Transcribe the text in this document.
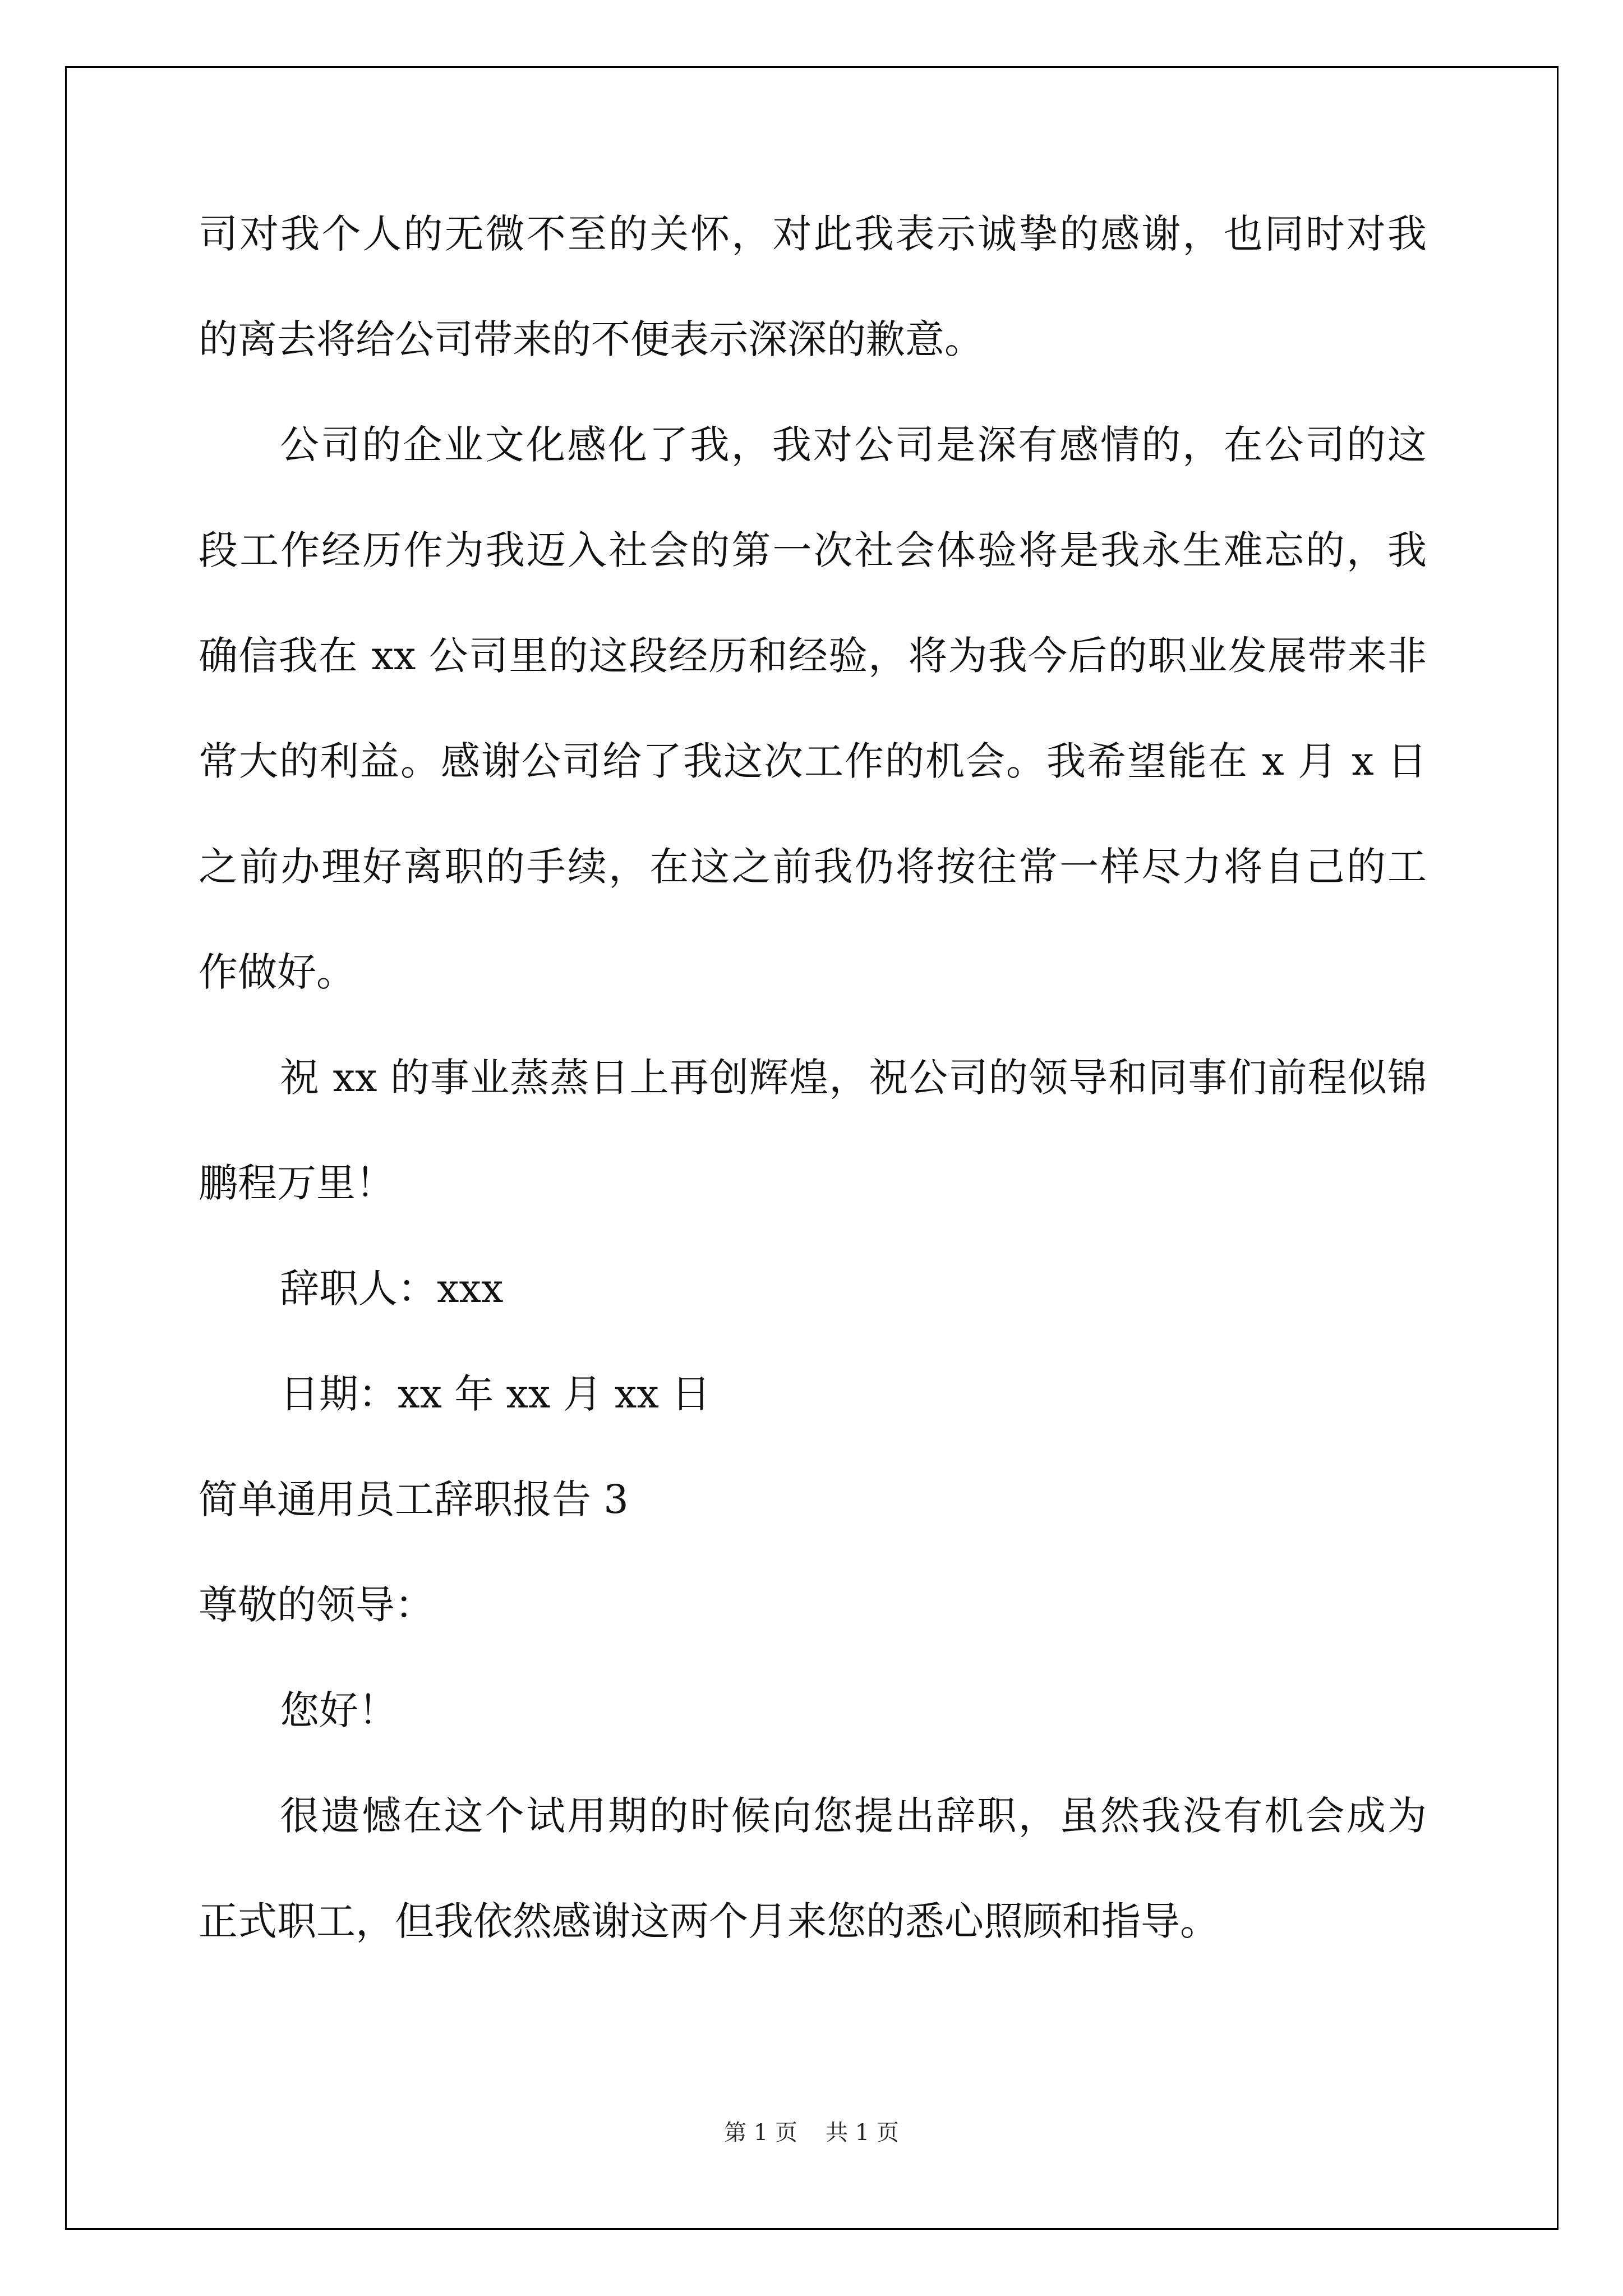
司对我个人的无微不至的关怀，对此我表示诚挚的感谢，也同时对我
的离去将给公司带来的不便表示深深的歉意。
公司的企业文化感化了我，我对公司是深有感情的，在公司的这
段工作经历作为我迈入社会的第一次社会体验将是我永生难忘的，我
确信我在 xx 公司里的这段经历和经验，将为我今后的职业发展带来非
常大的利益。感谢公司给了我这次工作的机会。我希望能在 x 月 x 日
之前办理好离职的手续，在这之前我仍将按往常一样尽力将自己的工
作做好。
祝 xx 的事业蒸蒸日上再创辉煌，祝公司的领导和同事们前程似锦
鹏程万里！
辞职人：xxx
日期：xx 年 xx 月 xx 日
简单通用员工辞职报告 3
尊敬的领导：
您好！
很遗憾在这个试用期的时候向您提出辞职，虽然我没有机会成为
正式职工，但我依然感谢这两个月来您的悉心照顾和指导。
第 1 页 共 1 页
